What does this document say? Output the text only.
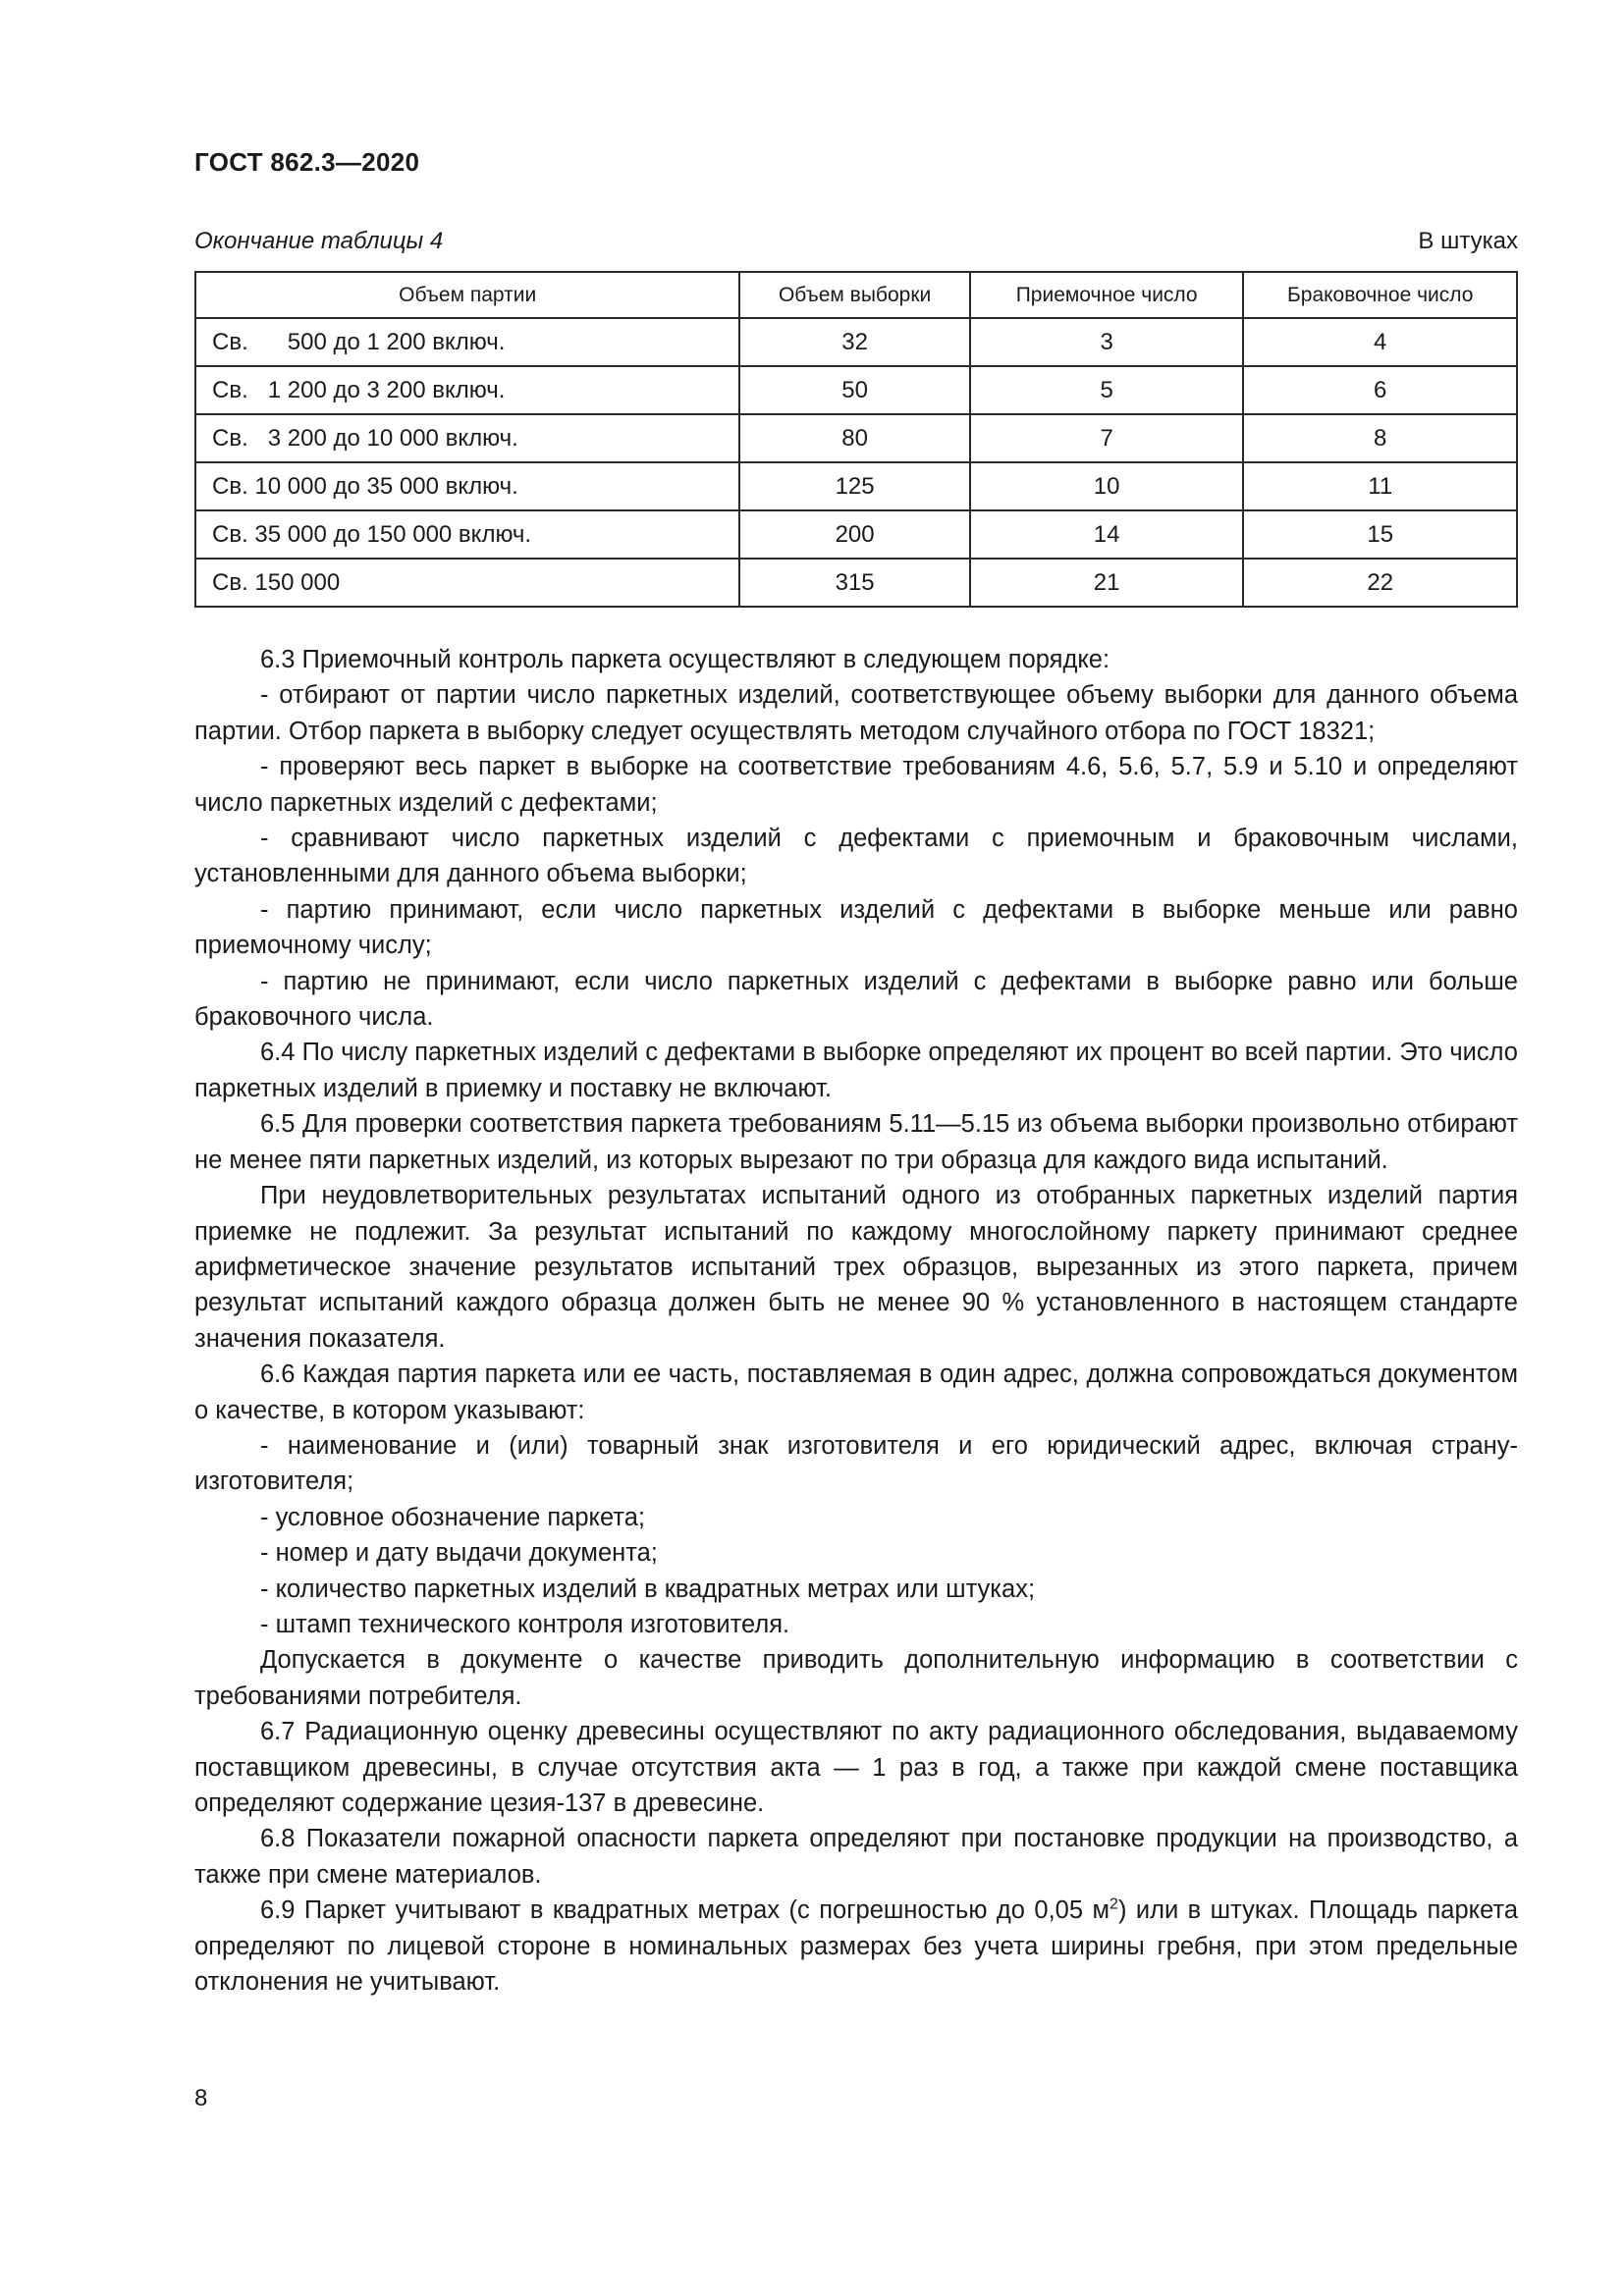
ГОСТ 862.3—2020
Окончание таблицы 4	В штуках
Объем партии	Объем выборки	Приемочное число	Браковочное число
Св.      500 до 1 200 включ.	32	3	4
Св.   1 200 до 3 200 включ.	50	5	6
Св.   3 200 до 10 000 включ.	80	7	8
Св. 10 000 до 35 000 включ.	125	10	11
Св. 35 000 до 150 000 включ.	200	14	15
Св. 150 000	315	21	22

6.3 Приемочный контроль паркета осуществляют в следующем порядке:

- отбирают от партии число паркетных изделий, соответствующее объему выборки для данного объема партии. Отбор паркета в выборку следует осуществлять методом случайного отбора по ГОСТ 18321;

- проверяют весь паркет в выборке на соответствие требованиям 4.6, 5.6, 5.7, 5.9 и 5.10 и определяют число паркетных изделий с дефектами;

- сравнивают число паркетных изделий с дефектами с приемочным и браковочным числами, установленными для данного объема выборки;

- партию принимают, если число паркетных изделий с дефектами в выборке меньше или равно приемочному числу;

- партию не принимают, если число паркетных изделий с дефектами в выборке равно или больше браковочного числа.

6.4 По числу паркетных изделий с дефектами в выборке определяют их процент во всей партии. Это число паркетных изделий в приемку и поставку не включают.

6.5 Для проверки соответствия паркета требованиям 5.11—5.15 из объема выборки произвольно отбирают не менее пяти паркетных изделий, из которых вырезают по три образца для каждого вида испытаний.

При неудовлетворительных результатах испытаний одного из отобранных паркетных изделий партия приемке не подлежит. За результат испытаний по каждому многослойному паркету принимают среднее арифметическое значение результатов испытаний трех образцов, вырезанных из этого паркета, причем результат испытаний каждого образца должен быть не менее 90 % установленного в настоящем стандарте значения показателя.

6.6 Каждая партия паркета или ее часть, поставляемая в один адрес, должна сопровождаться документом о качестве, в котором указывают:

- наименование и (или) товарный знак изготовителя и его юридический адрес, включая страну-изготовителя;

- условное обозначение паркета;

- номер и дату выдачи документа;

- количество паркетных изделий в квадратных метрах или штуках;

- штамп технического контроля изготовителя.

Допускается в документе о качестве приводить дополнительную информацию в соответствии с требованиями потребителя.

6.7 Радиационную оценку древесины осуществляют по акту радиационного обследования, выдаваемому поставщиком древесины, в случае отсутствия акта — 1 раз в год, а также при каждой смене поставщика определяют содержание цезия-137 в древесине.

6.8 Показатели пожарной опасности паркета определяют при постановке продукции на производство, а также при смене материалов.

6.9 Паркет учитывают в квадратных метрах (с погрешностью до 0,05 $м^2$) или в штуках. Площадь паркета определяют по лицевой стороне в номинальных размерах без учета ширины гребня, при этом предельные отклонения не учитывают.

8
